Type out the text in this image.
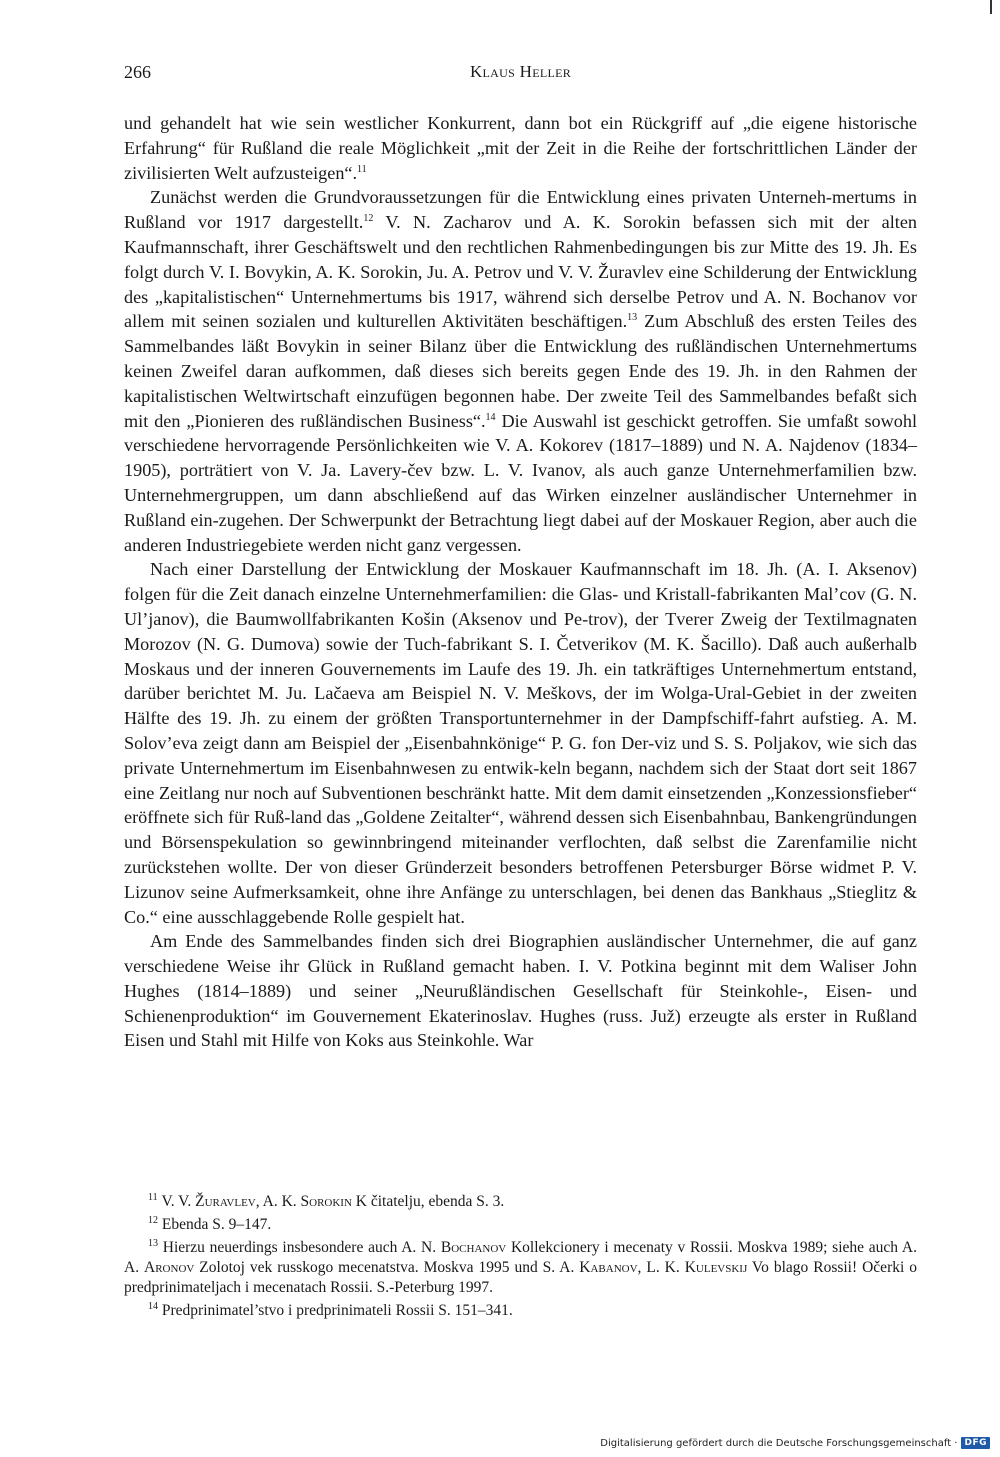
266	Klaus Heller

und gehandelt hat wie sein westlicher Konkurrent, dann bot ein Rückgriff auf „die eigene historische Erfahrung“ für Rußland die reale Möglichkeit „mit der Zeit in die Reihe der fortschrittlichen Länder der zivilisierten Welt aufzusteigen“.$^{11}$

Zunächst werden die Grundvoraussetzungen für die Entwicklung eines privaten Unterneh-mertums in Rußland vor 1917 dargestellt.$^{12}$ V. N. Zacharov und A. K. Sorokin befassen sich mit der alten Kaufmannschaft, ihrer Geschäftswelt und den rechtlichen Rahmenbedingungen bis zur Mitte des 19. Jh. Es folgt durch V. I. Bovykin, A. K. Sorokin, Ju. A. Petrov und V. V. Žuravlev eine Schilderung der Entwicklung des „kapitalistischen“ Unternehmertums bis 1917, während sich derselbe Petrov und A. N. Bochanov vor allem mit seinen sozialen und kulturellen Aktivitäten beschäftigen.$^{13}$ Zum Abschluß des ersten Teiles des Sammelbandes läßt Bovykin in seiner Bilanz über die Entwicklung des rußländischen Unternehmertums keinen Zweifel daran aufkommen, daß dieses sich bereits gegen Ende des 19. Jh. in den Rahmen der kapitalistischen Weltwirtschaft einzufügen begonnen habe. Der zweite Teil des Sammelbandes befaßt sich mit den „Pionieren des rußländischen Business“.$^{14}$ Die Auswahl ist geschickt getroffen. Sie umfaßt sowohl verschiedene hervorragende Persönlichkeiten wie V. A. Kokorev (1817–1889) und N. A. Najdenov (1834–1905), porträtiert von V. Ja. Lavery-čev bzw. L. V. Ivanov, als auch ganze Unternehmerfamilien bzw. Unternehmergruppen, um dann abschließend auf das Wirken einzelner ausländischer Unternehmer in Rußland ein-zugehen. Der Schwerpunkt der Betrachtung liegt dabei auf der Moskauer Region, aber auch die anderen Industriegebiete werden nicht ganz vergessen.

Nach einer Darstellung der Entwicklung der Moskauer Kaufmannschaft im 18. Jh. (A. I. Aksenov) folgen für die Zeit danach einzelne Unternehmerfamilien: die Glas- und Kristall-fabrikanten Mal’cov (G. N. Ul’janov), die Baumwollfabrikanten Košin (Aksenov und Pe-trov), der Tverer Zweig der Textilmagnaten Morozov (N. G. Dumova) sowie der Tuch-fabrikant S. I. Četverikov (M. K. Šacillo). Daß auch außerhalb Moskaus und der inneren Gouvernements im Laufe des 19. Jh. ein tatkräftiges Unternehmertum entstand, darüber berichtet M. Ju. Lačaeva am Beispiel N. V. Meškovs, der im Wolga-Ural-Gebiet in der zweiten Hälfte des 19. Jh. zu einem der größten Transportunternehmer in der Dampfschiff-fahrt aufstieg. A. M. Solov’eva zeigt dann am Beispiel der „Eisenbahnkönige“ P. G. fon Der-viz und S. S. Poljakov, wie sich das private Unternehmertum im Eisenbahnwesen zu entwik-keln begann, nachdem sich der Staat dort seit 1867 eine Zeitlang nur noch auf Subventionen beschränkt hatte. Mit dem damit einsetzenden „Konzessionsfieber“ eröffnete sich für Ruß-land das „Goldene Zeitalter“, während dessen sich Eisenbahnbau, Bankengründungen und Börsenspekulation so gewinnbringend miteinander verflochten, daß selbst die Zarenfamilie nicht zurückstehen wollte. Der von dieser Gründerzeit besonders betroffenen Petersburger Börse widmet P. V. Lizunov seine Aufmerksamkeit, ohne ihre Anfänge zu unterschlagen, bei denen das Bankhaus „Stieglitz & Co.“ eine ausschlaggebende Rolle gespielt hat.

Am Ende des Sammelbandes finden sich drei Biographien ausländischer Unternehmer, die auf ganz verschiedene Weise ihr Glück in Rußland gemacht haben. I. V. Potkina beginnt mit dem Waliser John Hughes (1814–1889) und seiner „Neurußländischen Gesellschaft für Steinkohle-, Eisen- und Schienenproduktion“ im Gouvernement Ekaterinoslav. Hughes (russ. Juž) erzeugte als erster in Rußland Eisen und Stahl mit Hilfe von Koks aus Steinkohle. War

$^{11}$ V. V. Žuravlev, A. K. Sorokin K čitatelju, ebenda S. 3.

$^{12}$ Ebenda S. 9–147.

$^{13}$ Hierzu neuerdings insbesondere auch A. N. Bochanov Kollekcionery i mecenaty v Rossii. Moskva 1989; siehe auch A. A. Aronov Zolotoj vek russkogo mecenatstva. Moskva 1995 und S. A. Kabanov, L. K. Kulevskij Vo blago Rossii! Očerki o predprinimateljach i mecenatach Rossii. S.-Peterburg 1997.

$^{14}$ Predprinimatel’stvo i predprinimateli Rossii S. 151–341.

Digitalisierung gefördert durch die Deutsche Forschungsgemeinschaft · DFG
